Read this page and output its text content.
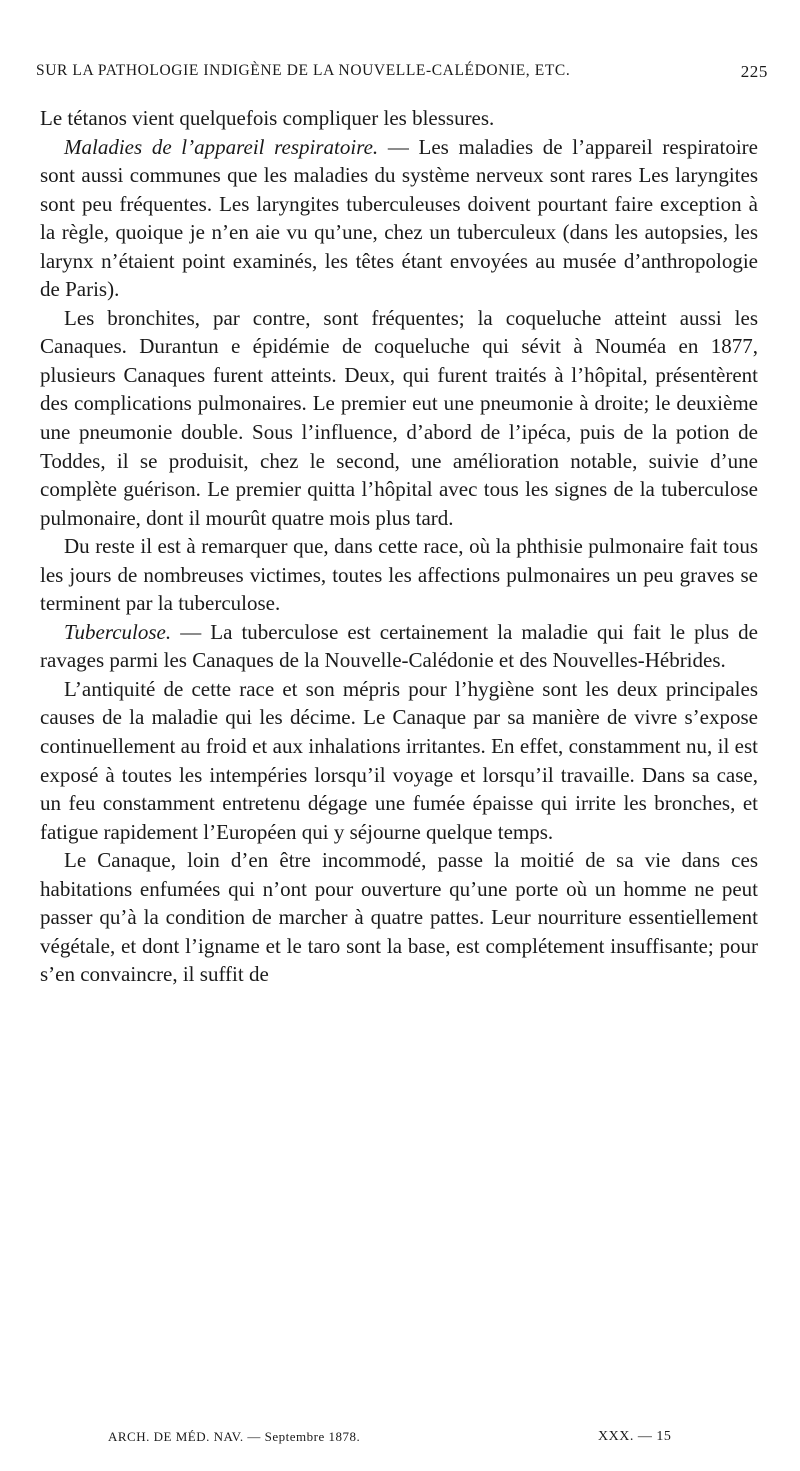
SUR LA PATHOLOGIE INDIGÈNE DE LA NOUVELLE-CALÉDONIE, ETC.	225

Le tétanos vient quelquefois compliquer les blessures.

Maladies de l’appareil respiratoire. — Les maladies de l’appareil respiratoire sont aussi communes que les maladies du système nerveux sont rares Les laryngites sont peu fréquentes. Les laryngites tuberculeuses doivent pourtant faire exception à la règle, quoique je n’en aie vu qu’une, chez un tuberculeux (dans les autopsies, les larynx n’étaient point examinés, les têtes étant envoyées au musée d’anthropologie de Paris).

Les bronchites, par contre, sont fréquentes; la coqueluche atteint aussi les Canaques. Durantun e épidémie de coqueluche qui sévit à Nouméa en 1877, plusieurs Canaques furent atteints. Deux, qui furent traités à l’hôpital, présentèrent des complications pulmonaires. Le premier eut une pneumonie à droite; le deuxième une pneumonie double. Sous l’influence, d’abord de l’ipéca, puis de la potion de Toddes, il se produisit, chez le second, une amélioration notable, suivie d’une complète guérison. Le premier quitta l’hôpital avec tous les signes de la tuberculose pulmonaire, dont il mourût quatre mois plus tard.

Du reste il est à remarquer que, dans cette race, où la phthisie pulmonaire fait tous les jours de nombreuses victimes, toutes les affections pulmonaires un peu graves se terminent par la tuberculose.

Tuberculose. — La tuberculose est certainement la maladie qui fait le plus de ravages parmi les Canaques de la Nouvelle-Calédonie et des Nouvelles-Hébrides.

L’antiquité de cette race et son mépris pour l’hygiène sont les deux principales causes de la maladie qui les décime. Le Canaque par sa manière de vivre s’expose continuellement au froid et aux inhalations irritantes. En effet, constamment nu, il est exposé à toutes les intempéries lorsqu’il voyage et lorsqu’il travaille. Dans sa case, un feu constamment entretenu dégage une fumée épaisse qui irrite les bronches, et fatigue rapidement l’Européen qui y séjourne quelque temps.

Le Canaque, loin d’en être incommodé, passe la moitié de sa vie dans ces habitations enfumées qui n’ont pour ouverture qu’une porte où un homme ne peut passer qu’à la condition de marcher à quatre pattes. Leur nourriture essentiellement végétale, et dont l’igname et le taro sont la base, est complétement insuffisante; pour s’en convaincre, il suffit de

ARCH. DE MÉD. NAV. — Septembre 1878.	XXX. — 15
